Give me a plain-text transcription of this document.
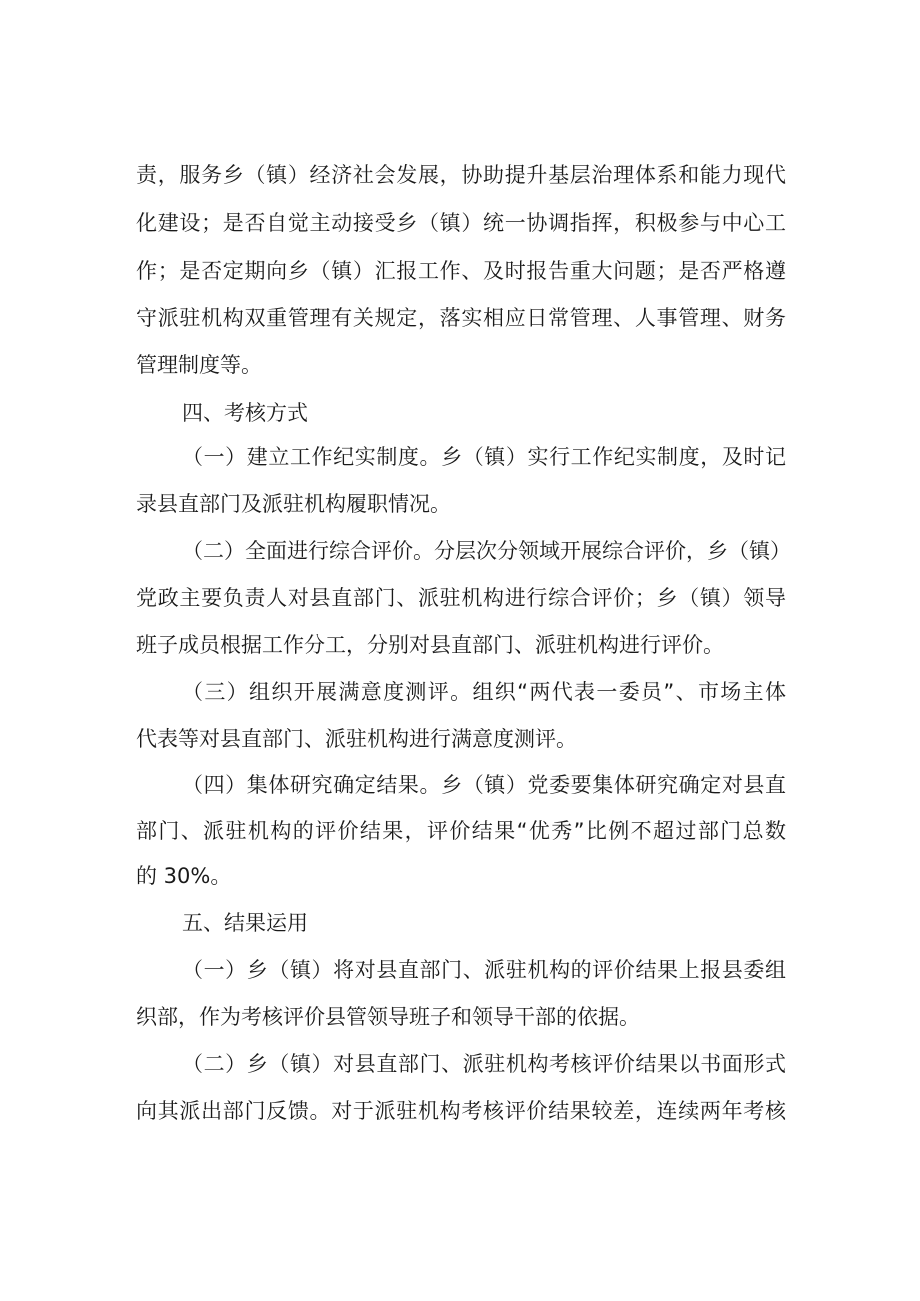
责，服务乡（镇）经济社会发展，协助提升基层治理体系和能力现代
化建设；是否自觉主动接受乡（镇）统一协调指挥，积极参与中心工
作；是否定期向乡（镇）汇报工作、及时报告重大问题；是否严格遵
守派驻机构双重管理有关规定，落实相应日常管理、人事管理、财务
管理制度等。
四、考核方式
（一）建立工作纪实制度。乡（镇）实行工作纪实制度，及时记
录县直部门及派驻机构履职情况。
（二）全面进行综合评价。分层次分领域开展综合评价，乡（镇）
党政主要负责人对县直部门、派驻机构进行综合评价；乡（镇）领导
班子成员根据工作分工，分别对县直部门、派驻机构进行评价。
（三）组织开展满意度测评。组织“两代表一委员”、市场主体
代表等对县直部门、派驻机构进行满意度测评。
（四）集体研究确定结果。乡（镇）党委要集体研究确定对县直
部门、派驻机构的评价结果，评价结果“优秀”比例不超过部门总数
的 30%。
五、结果运用
（一）乡（镇）将对县直部门、派驻机构的评价结果上报县委组
织部，作为考核评价县管领导班子和领导干部的依据。
（二）乡（镇）对县直部门、派驻机构考核评价结果以书面形式
向其派出部门反馈。对于派驻机构考核评价结果较差，连续两年考核
